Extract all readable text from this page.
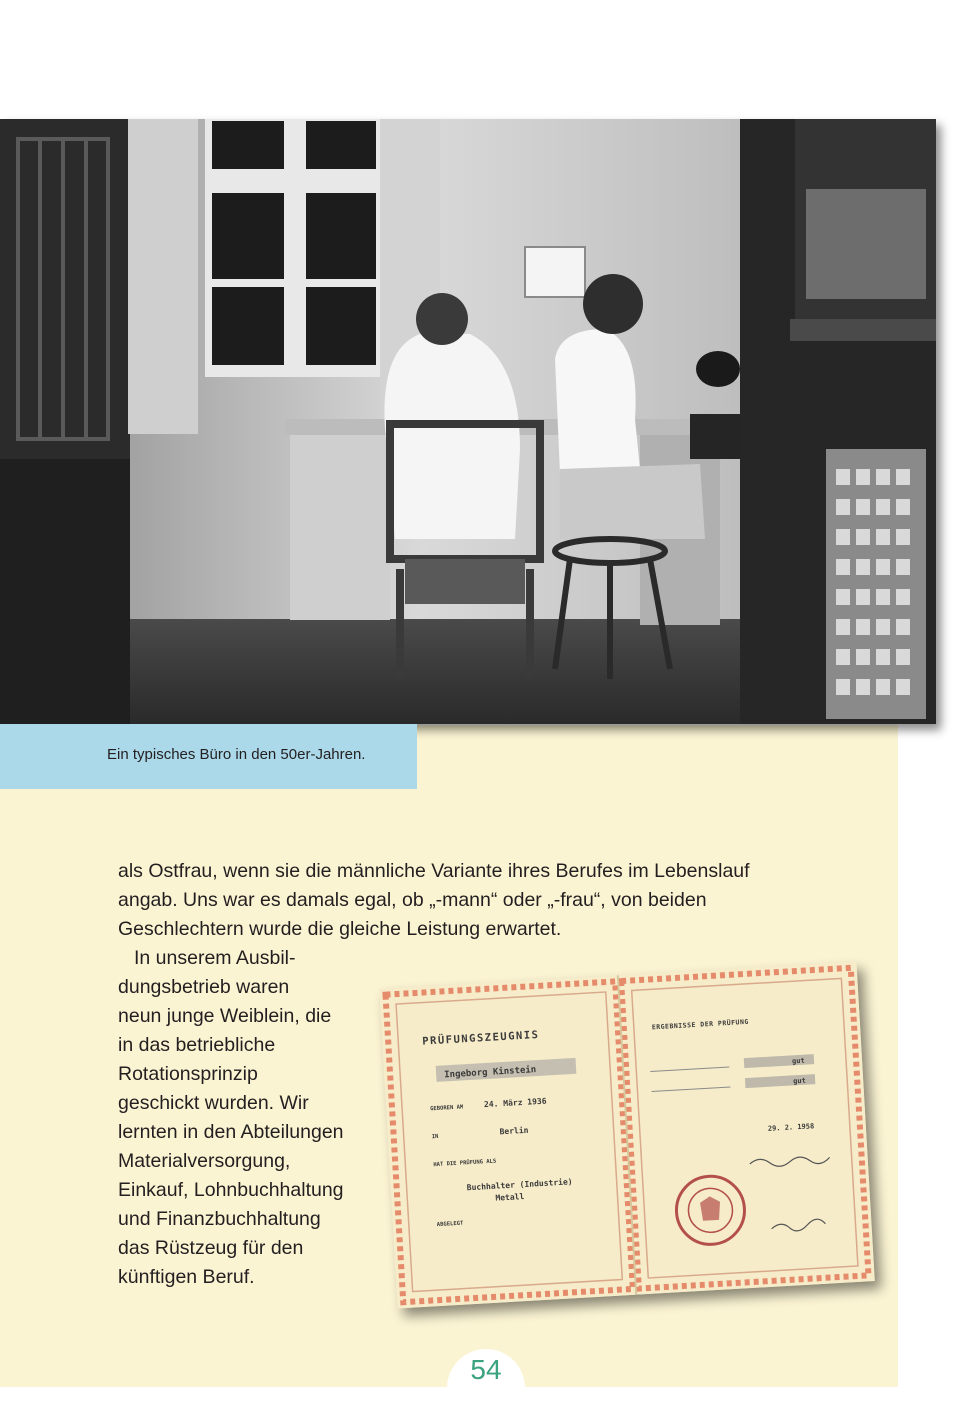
Ein typisches Büro in den 50er-Jahren.

als Ostfrau, wenn sie die männliche Variante ihres Berufes im Lebenslauf
angab. Uns war es damals egal, ob „-mann“ oder „-frau“, von beiden
Geschlechtern wurde die gleiche Leistung erwartet.

In unserem Ausbil-
dungsbetrieb waren
neun junge Weiblein, die
in das betriebliche
Rotationsprinzip
geschickt wurden. Wir
lernten in den Abteilungen
Materialversorgung,
Einkauf, Lohnbuchhaltung
und Finanzbuchhaltung
das Rüstzeug für den
künftigen Beruf.

PRÜFUNGSZEUGNIS
Ingeborg Kinstein
GEBOREN AM	24. März 1936
IN
Berlin
HAT DIE PRÜFUNG ALS
Buchhalter (Industrie)
Metall
ABGELEGT
ERGEBNISSE DER PRÜFUNG
gut
gut
29. 2. 1958
54
